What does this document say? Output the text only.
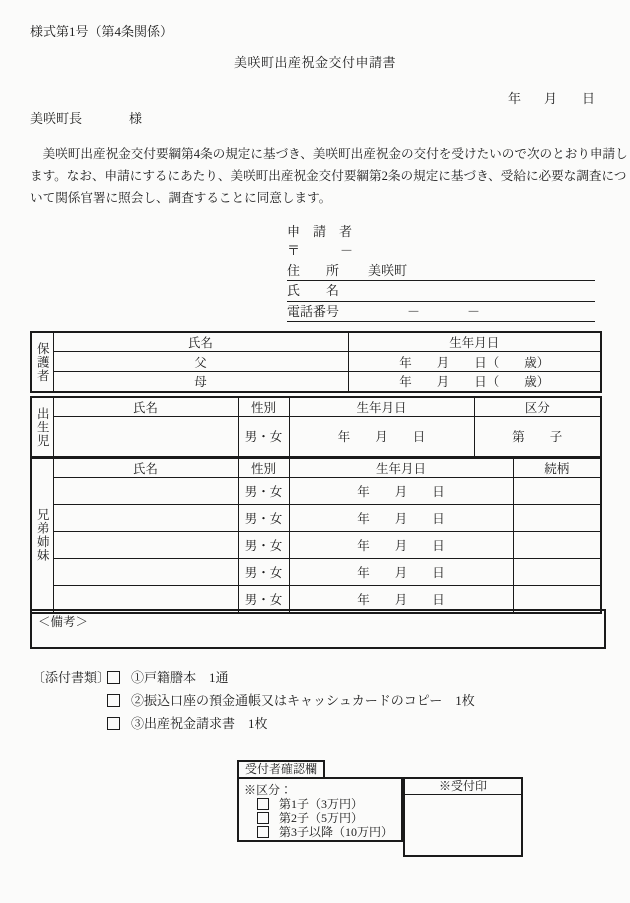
様式第1号（第4条関係）
美咲町出産祝金交付申請書
年 月 日
美咲町長	様
　美咲町出産祝金交付要綱第4条の規定に基づき、美咲町出産祝金の交付を受けたいので次のとおり申請し
ます。なお、申請にするにあたり、美咲町出産祝金交付要綱第2条の規定に基づき、受給に必要な調査につ
いて関係官署に照会し、調査することに同意します。
申　請　者
〒	－
住　　所 美咲町
氏　　名
電話番号	－	－
保護者	氏名	生年月日
	父	年　　月　　日（　　歳）
	母	年　　月　　日（　　歳）
出生児	氏名	性別	生年月日	区分
		男・女	年　　月　　日	第　　子
兄弟姉妹	氏名	性別	生年月日	続柄
		男・女	年　　月　　日	
		男・女	年　　月　　日	
		男・女	年　　月　　日	
		男・女	年　　月　　日	
		男・女	年　　月　　日	
＜備考＞
〔添付書類〕 ①戸籍謄本　1通
②振込口座の預金通帳又はキャッシュカードのコピー　1枚
③出産祝金請求書　1枚
受付者確認欄
※区分：
第1子（3万円）
第2子（5万円）
第3子以降（10万円）
※受付印
